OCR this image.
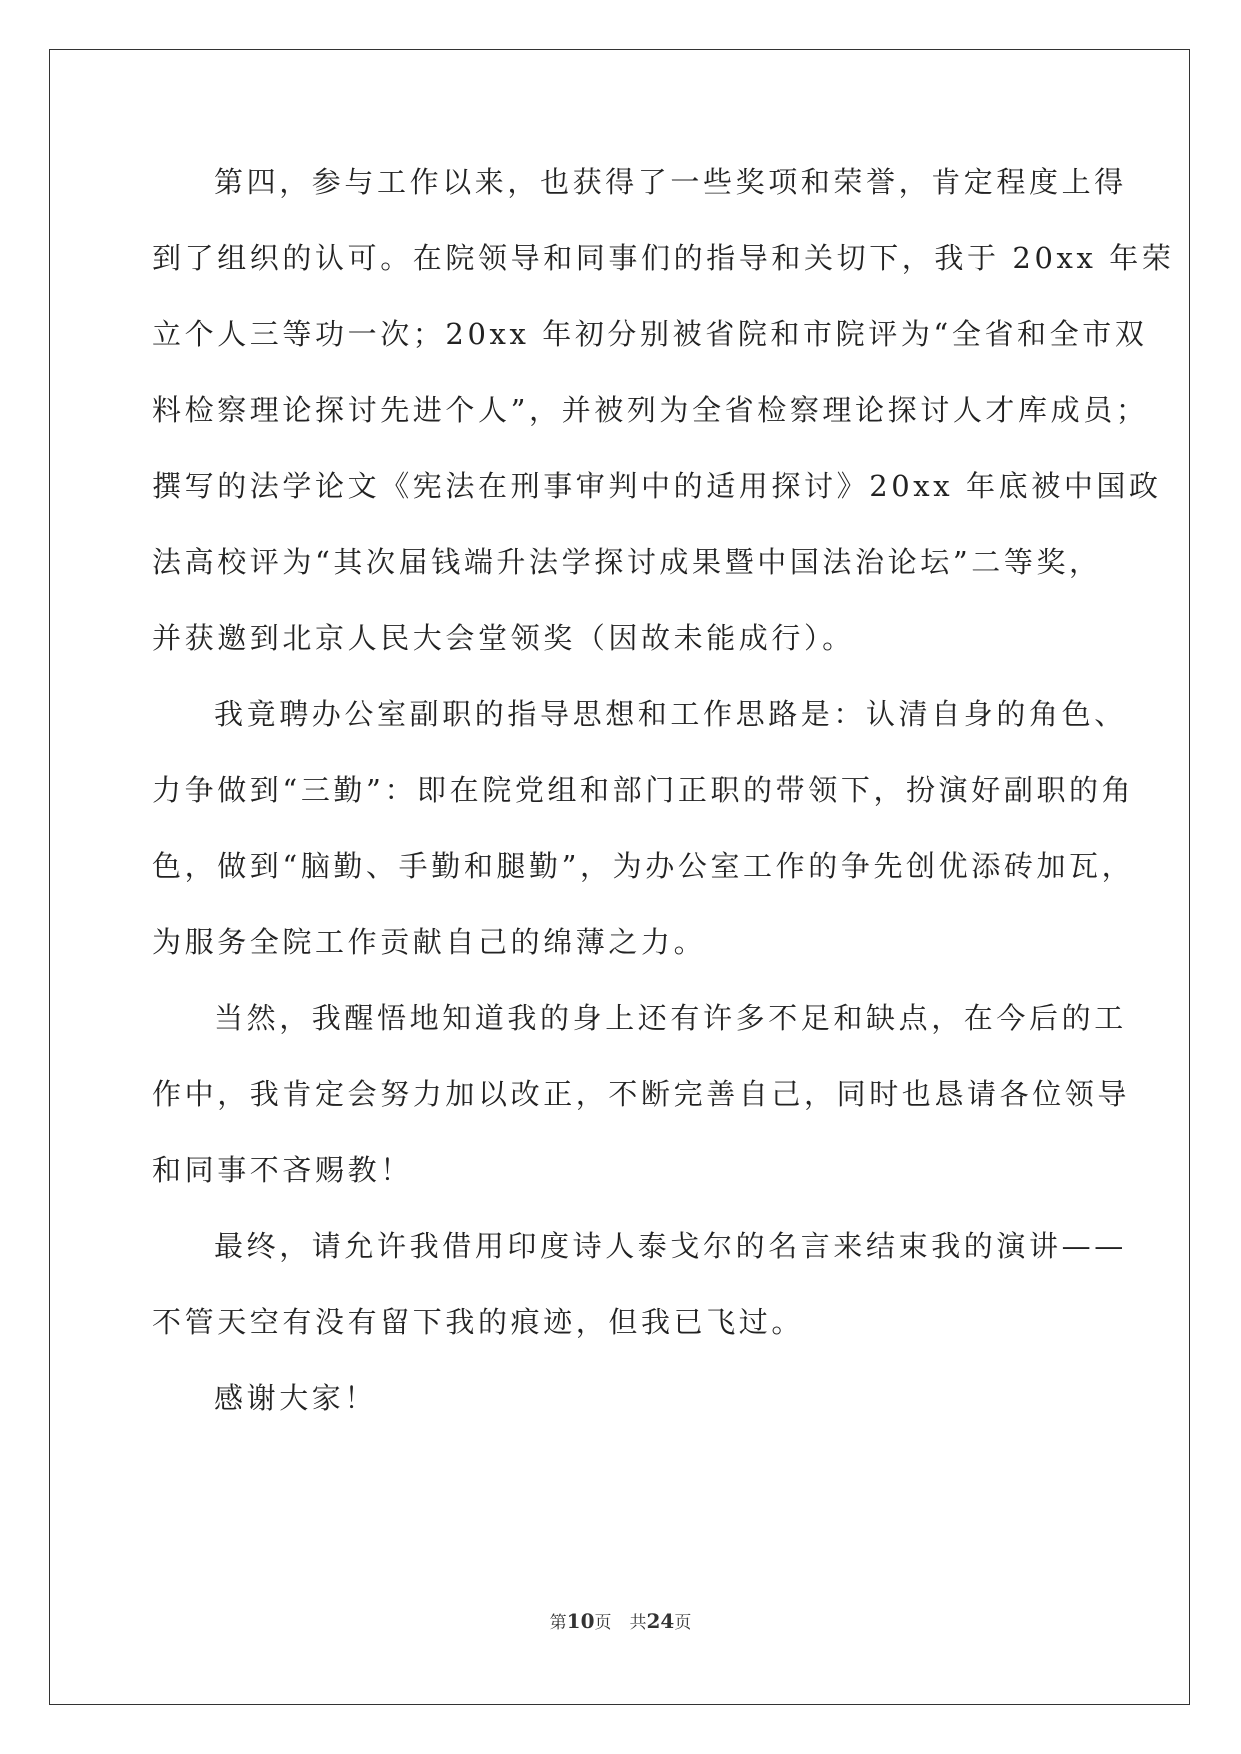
第四，参与工作以来，也获得了一些奖项和荣誉，肯定程度上得
到了组织的认可。在院领导和同事们的指导和关切下，我于 20xx 年荣
立个人三等功一次；20xx 年初分别被省院和市院评为“全省和全市双
料检察理论探讨先进个人”，并被列为全省检察理论探讨人才库成员；
撰写的法学论文《宪法在刑事审判中的适用探讨》20xx 年底被中国政
法高校评为“其次届钱端升法学探讨成果暨中国法治论坛”二等奖，
并获邀到北京人民大会堂领奖（因故未能成行）。
我竟聘办公室副职的指导思想和工作思路是：认清自身的角色、
力争做到“三勤”：即在院党组和部门正职的带领下，扮演好副职的角
色，做到“脑勤、手勤和腿勤”，为办公室工作的争先创优添砖加瓦，
为服务全院工作贡献自己的绵薄之力。
当然，我醒悟地知道我的身上还有许多不足和缺点，在今后的工
作中，我肯定会努力加以改正，不断完善自己，同时也恳请各位领导
和同事不吝赐教！
最终，请允许我借用印度诗人泰戈尔的名言来结束我的演讲——
不管天空有没有留下我的痕迹，但我已飞过。
感谢大家！
第10页 共24页
